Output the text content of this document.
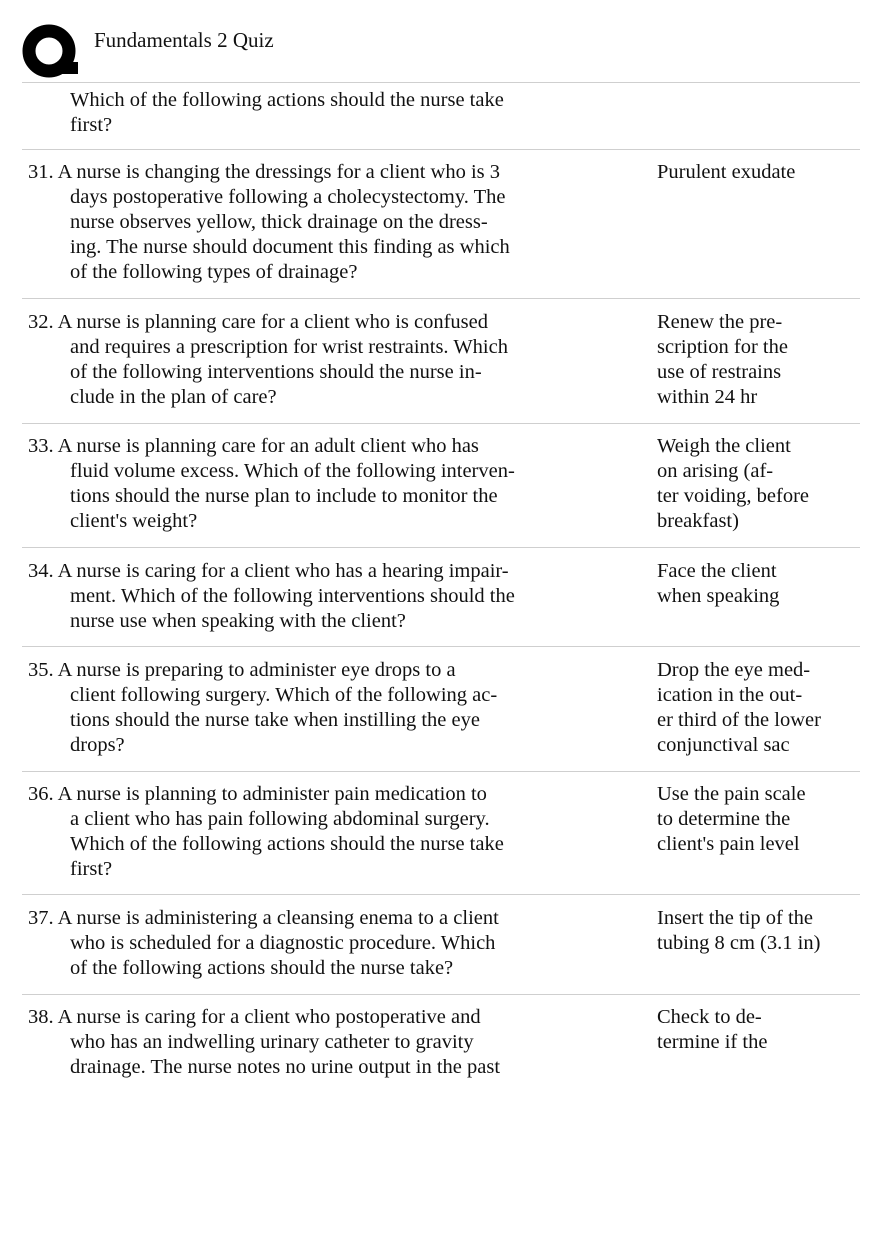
Fundamentals 2 Quiz
Which of the following actions should the nurse take
first?
31. A nurse is changing the dressings for a client who is 3
days postoperative following a cholecystectomy. The
nurse observes yellow, thick drainage on the dress-
ing. The nurse should document this finding as which
of the following types of drainage?
Purulent exudate
32. A nurse is planning care for a client who is confused
and requires a prescription for wrist restraints. Which
of the following interventions should the nurse in-
clude in the plan of care?
Renew the pre-
scription for the
use of restrains
within 24 hr
33. A nurse is planning care for an adult client who has
fluid volume excess. Which of the following interven-
tions should the nurse plan to include to monitor the
client's weight?
Weigh the client
on arising (af-
ter voiding, before
breakfast)
34. A nurse is caring for a client who has a hearing impair-
ment. Which of the following interventions should the
nurse use when speaking with the client?
Face the client
when speaking
35. A nurse is preparing to administer eye drops to a
client following surgery. Which of the following ac-
tions should the nurse take when instilling the eye
drops?
Drop the eye med-
ication in the out-
er third of the lower
conjunctival sac
36. A nurse is planning to administer pain medication to
a client who has pain following abdominal surgery.
Which of the following actions should the nurse take
first?
Use the pain scale
to determine the
client's pain level
37. A nurse is administering a cleansing enema to a client
who is scheduled for a diagnostic procedure. Which
of the following actions should the nurse take?
Insert the tip of the
tubing 8 cm (3.1 in)
38. A nurse is caring for a client who postoperative and
who has an indwelling urinary catheter to gravity
drainage. The nurse notes no urine output in the past
Check to de-
termine if the
